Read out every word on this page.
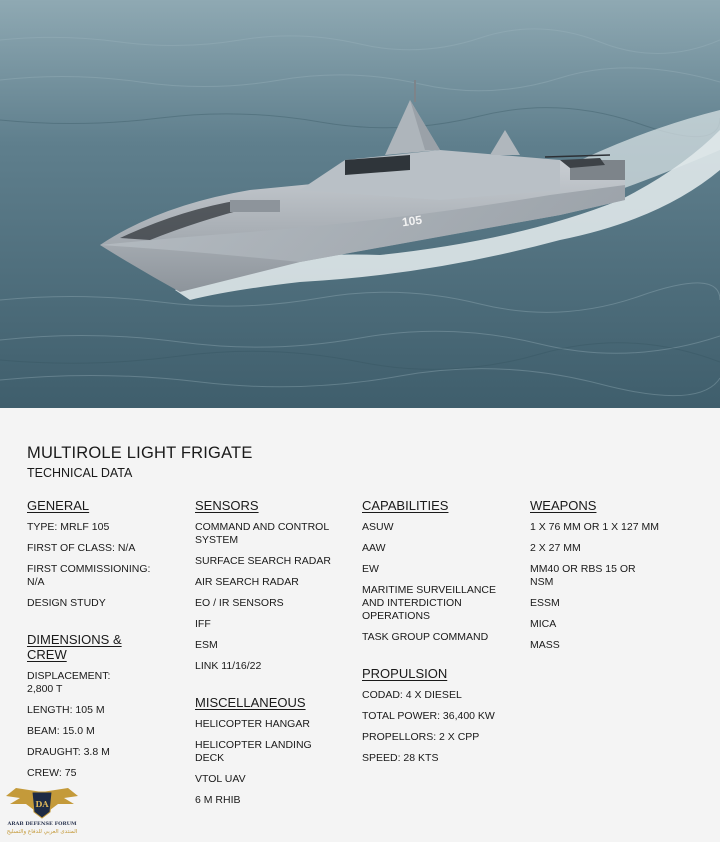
105
MULTIROLE LIGHT FRIGATE
TECHNICAL DATA
GENERAL
TYPE: MRLF 105
FIRST OF CLASS: N/A
FIRST COMMISSIONING: N/A
DESIGN STUDY
DIMENSIONS & CREW
DISPLACEMENT: 2,800 T
LENGTH: 105 M
BEAM: 15.0 M
DRAUGHT: 3.8 M
CREW: 75
SENSORS
COMMAND AND CONTROL SYSTEM
SURFACE SEARCH RADAR
AIR SEARCH RADAR
EO / IR SENSORS
IFF
ESM
LINK 11/16/22
MISCELLANEOUS
HELICOPTER HANGAR
HELICOPTER LANDING DECK
VTOL UAV
6 M RHIB
CAPABILITIES
ASUW
AAW
EW
MARITIME SURVEILLANCE AND INTERDICTION OPERATIONS
TASK GROUP COMMAND
PROPULSION
CODAD: 4 X DIESEL
TOTAL POWER: 36,400 KW
PROPELLORS: 2 X CPP
SPEED: 28 KTS
WEAPONS
1 X 76 MM OR 1 X 127 MM
2 X 27 MM
MM40 OR RBS 15 OR NSM
ESSM
MICA
MASS
DA
ARAB DEFENSE FORUM
المنتدى العربي للدفاع والتسليح
